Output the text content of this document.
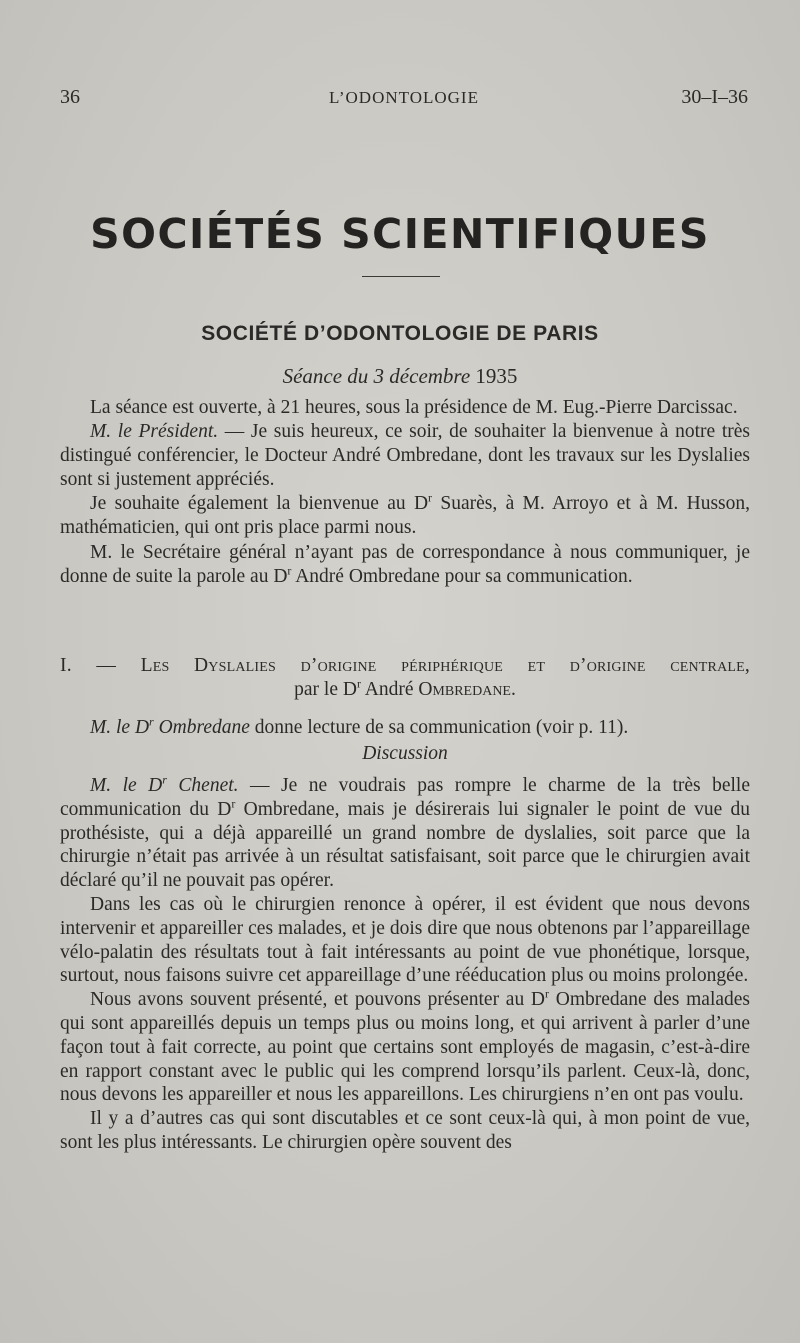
36	L’ODONTOLOGIE	30–I–36
SOCIÉTÉS SCIENTIFIQUES
SOCIÉTÉ D’ODONTOLOGIE DE PARIS
Séance du 3 décembre 1935

La séance est ouverte, à 21 heures, sous la présidence de M. Eug.-Pierre Darcissac.

M. le Président. — Je suis heureux, ce soir, de souhaiter la bienvenue à notre très distingué conférencier, le Docteur André Ombredane, dont les travaux sur les Dyslalies sont si justement appréciés.

Je souhaite également la bienvenue au $D^r$ Suarès, à M. Arroyo et à M. Husson, mathématicien, qui ont pris place parmi nous.

M. le Secrétaire général n’ayant pas de correspondance à nous communiquer, je donne de suite la parole au $D^r$ André Ombredane pour sa communication.

I. — Les Dyslalies d’origine périphérique et d’origine centrale,
par le $D^r$ André Ombredane.

M. le $D^r$ Ombredane donne lecture de sa communication (voir p. 11).

Discussion

M. le $D^r$ Chenet. — Je ne voudrais pas rompre le charme de la très belle communication du $D^r$ Ombredane, mais je désirerais lui signaler le point de vue du prothésiste, qui a déjà appareillé un grand nombre de dyslalies, soit parce que la chirurgie n’était pas arrivée à un résultat satisfaisant, soit parce que le chirurgien avait déclaré qu’il ne pouvait pas opérer.

Dans les cas où le chirurgien renonce à opérer, il est évident que nous devons intervenir et appareiller ces malades, et je dois dire que nous obtenons par l’appareillage vélo-palatin des résultats tout à fait intéressants au point de vue phonétique, lorsque, surtout, nous faisons suivre cet appareillage d’une rééducation plus ou moins prolongée.

Nous avons souvent présenté, et pouvons présenter au $D^r$ Ombredane des malades qui sont appareillés depuis un temps plus ou moins long, et qui arrivent à parler d’une façon tout à fait correcte, au point que certains sont employés de magasin, c’est-à-dire en rapport constant avec le public qui les comprend lorsqu’ils parlent. Ceux-là, donc, nous devons les appareiller et nous les appareillons. Les chirurgiens n’en ont pas voulu.

Il y a d’autres cas qui sont discutables et ce sont ceux-là qui, à mon point de vue, sont les plus intéressants. Le chirurgien opère souvent des
